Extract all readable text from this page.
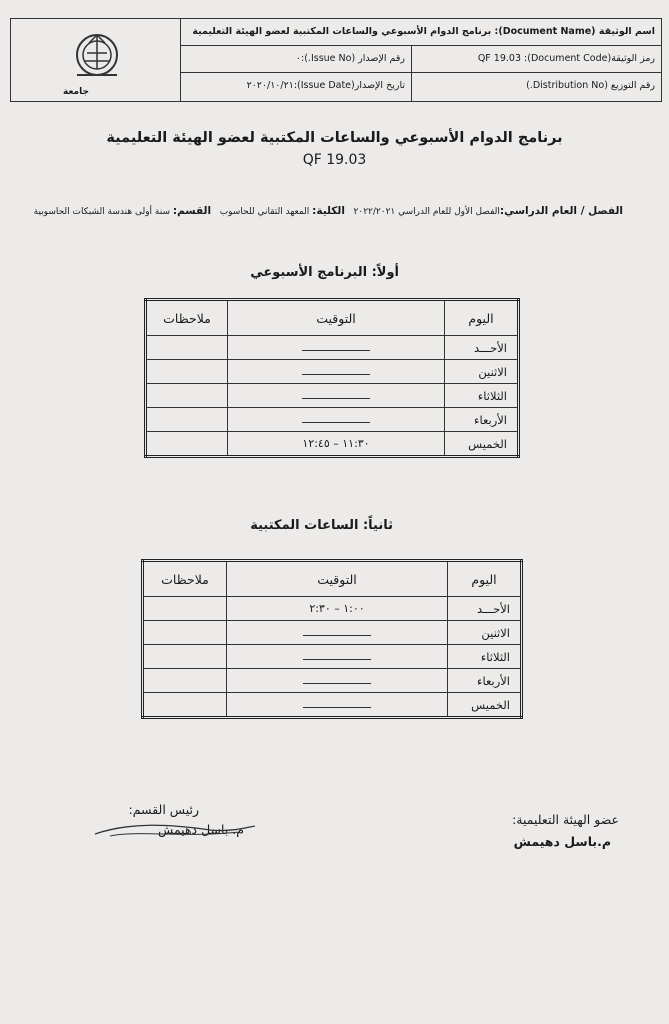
جامعة
اسم الوثيقة (Document Name): برنامج الدوام الأسبوعي والساعات المكتبية لعضو الهيئة التعليمية
رمز الوثيقة(Document Code): QF 19.03
رقم الإصدار (Issue No.):٠
رقم التوزيع (Distribution No.)
تاريخ الإصدار(Issue Date):٢٠٢٠/١٠/٢١
برنامج الدوام الأسبوعي والساعات المكتبية لعضو الهيئة التعليمية
QF 19.03
الفصل / العام الدراسي:الفصل الأول للعام الدراسي ٢٠٢٢/٢٠٢١   الكلية: المعهد التقاني للحاسوب   القسم: سنة أولى هندسة الشبكات الحاسوبية
أولاً: البرنامج الأسبوعي
اليوم	التوقيت	ملاحظات
الأحـــد		
الاثنين		
الثلاثاء		
الأربعاء		
الخميس	١١:٣٠ – ١٢:٤٥	
ثانياً: الساعات المكتبية
اليوم	التوقيت	ملاحظات
الأحـــد	١:٠٠ – ٢:٣٠	
الاثنين		
الثلاثاء		
الأربعاء		
الخميس		
عضو الهيئة التعليمية:
م.باسل دهيمش
رئيس القسم:
م. باسل دهيمش
